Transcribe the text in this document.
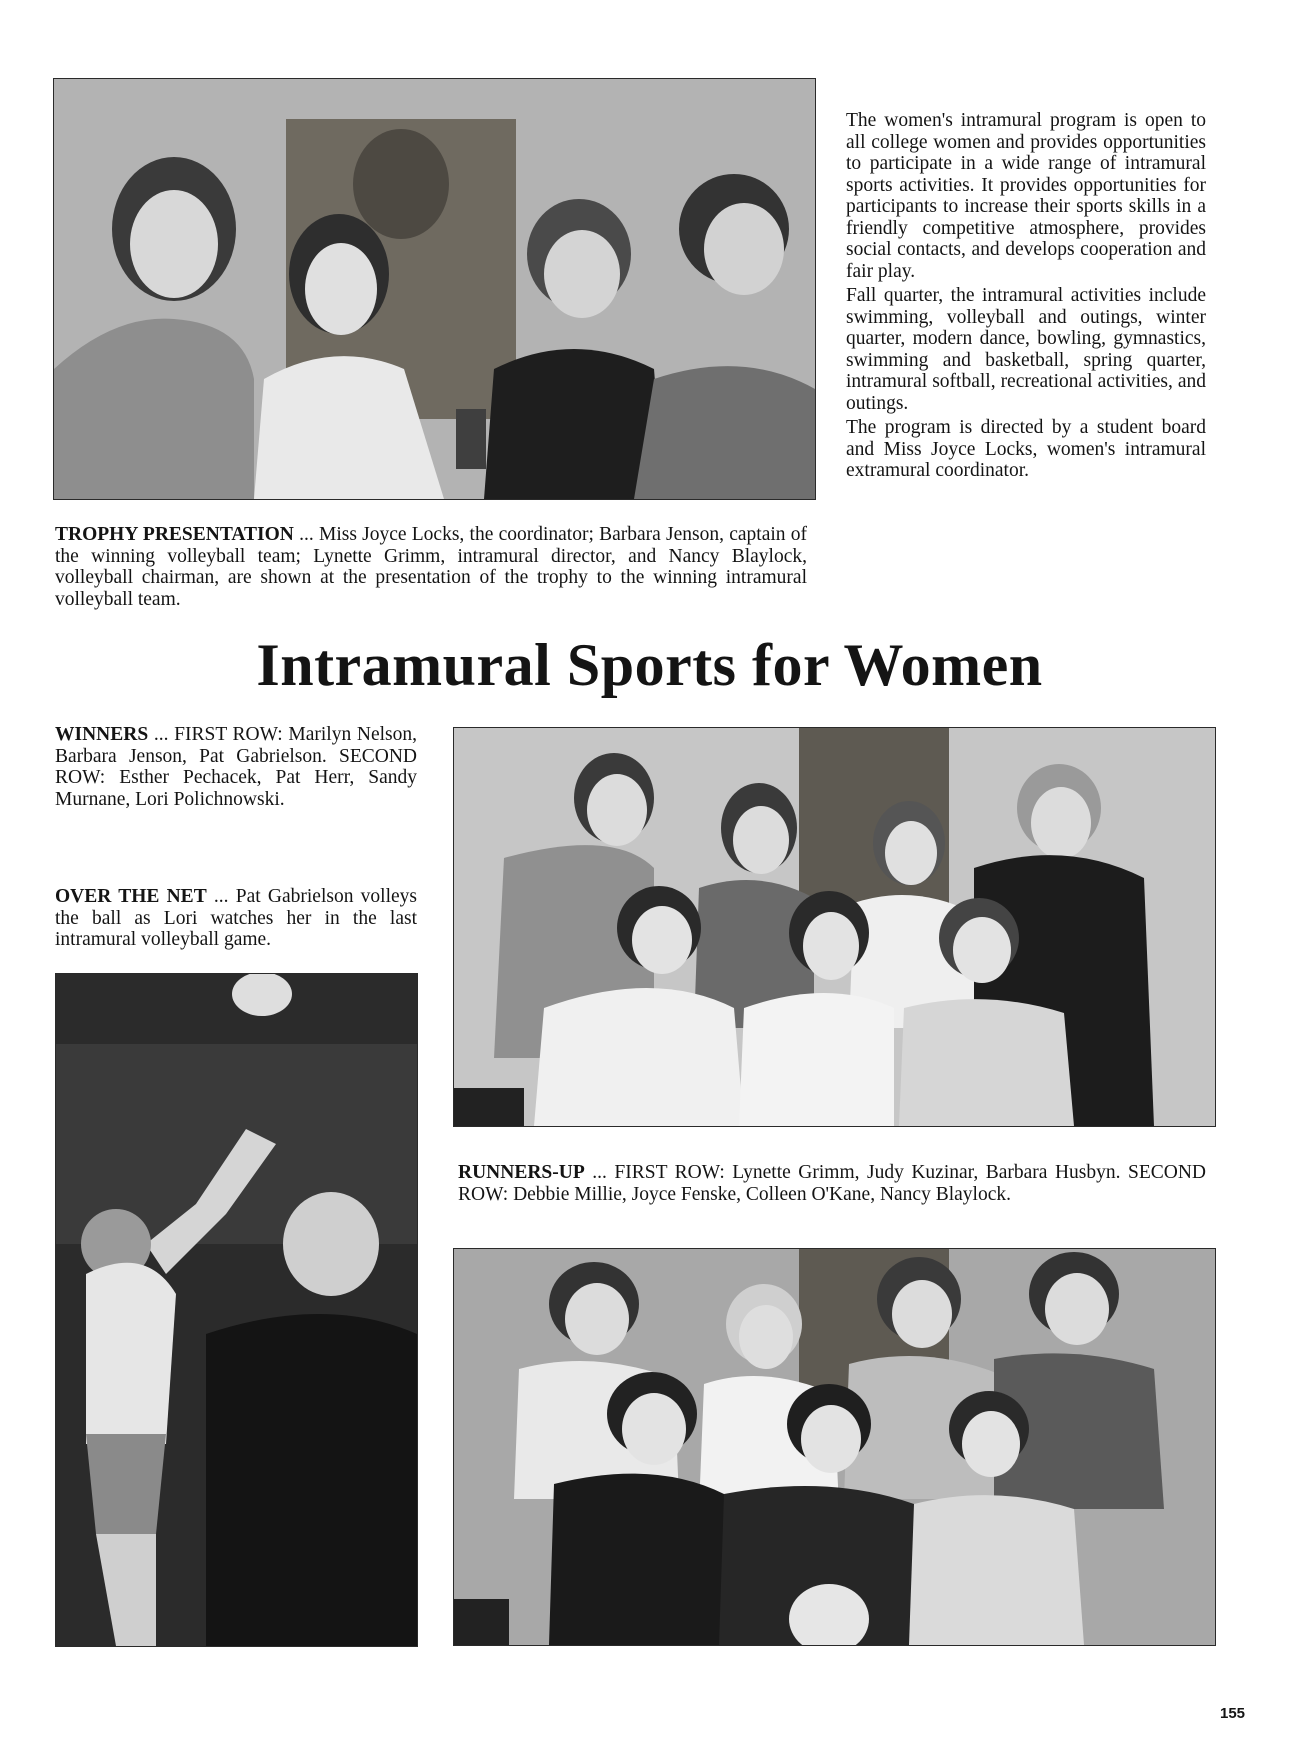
The women's intramural program is open to all college women and provides opportunities to participate in a wide range of intramural sports activities. It provides opportunities for participants to increase their sports skills in a friendly competitive atmosphere, provides social contacts, and develops cooperation and fair play.

Fall quarter, the intramural activities include swimming, volleyball and outings, winter quarter, modern dance, bowling, gymnastics, swimming and basketball, spring quarter, intramural softball, recreational activities, and outings.

The program is directed by a student board and Miss Joyce Locks, women's intramural extramural coordinator.

TROPHY PRESENTATION ... Miss Joyce Locks, the coordinator; Barbara Jenson, captain of the winning volleyball team; Lynette Grimm, intramural director, and Nancy Blaylock, volleyball chairman, are shown at the presentation of the trophy to the winning intramural volleyball team.
Intramural Sports for Women
WINNERS ... FIRST ROW: Marilyn Nelson, Barbara Jenson, Pat Gabrielson. SECOND ROW: Esther Pechacek, Pat Herr, Sandy Murnane, Lori Polichnowski.
OVER THE NET ... Pat Gabrielson volleys the ball as Lori watches her in the last intramural volleyball game.
RUNNERS-UP ... FIRST ROW: Lynette Grimm, Judy Kuzinar, Barbara Husbyn. SECOND ROW: Debbie Millie, Joyce Fenske, Colleen O'Kane, Nancy Blaylock.
155
